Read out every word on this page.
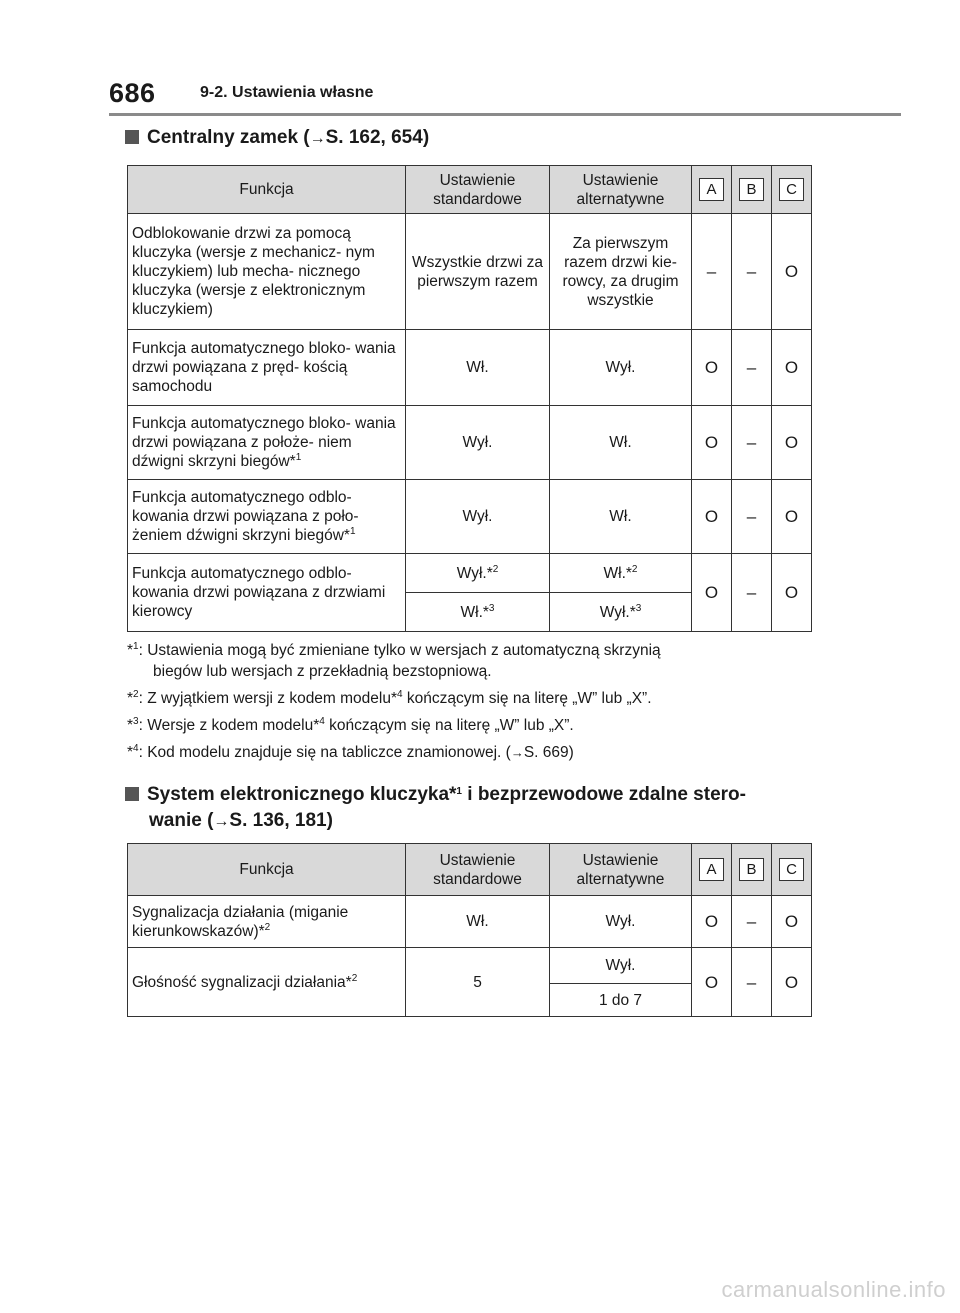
686	9-2. Ustawienia własne
Centralny zamek (→S. 162, 654)
Funkcja	Ustawienie standardowe	Ustawienie alternatywne	A	B	C
Odblokowanie drzwi za pomocą kluczyka (wersje z mechanicz- nym kluczykiem) lub mecha- nicznego kluczyka (wersje z elektronicznym kluczykiem)	Wszystkie drzwi za pierwszym razem	Za pierwszym razem drzwi kie- rowcy, za drugim wszystkie	–	–	O
Funkcja automatycznego bloko- wania drzwi powiązana z pręd- kością samochodu	Wł.	Wył.	O	–	O
Funkcja automatycznego bloko- wania drzwi powiązana z położe- niem dźwigni skrzyni biegów*$^1$	Wył.	Wł.	O	–	O
Funkcja automatycznego odblo- kowania drzwi powiązana z poło- żeniem dźwigni skrzyni biegów*$^1$	Wył.	Wł.	O	–	O
Funkcja automatycznego odblo- kowania drzwi powiązana z drzwiami kierowcy	Wył.*$^2$	Wł.*$^2$	O	–	O
	Wł.*$^3$	Wył.*$^3$
*$^1$: Ustawienia mogą być zmieniane tylko w wersjach z automatyczną skrzynią
biegów lub wersjach z przekładnią bezstopniową.
*$^2$: Z wyjątkiem wersji z kodem modelu*$^4$ kończącym się na literę „W” lub „X”.
*$^3$: Wersje z kodem modelu*$^4$ kończącym się na literę „W” lub „X”.
*$^4$: Kod modelu znajduje się na tabliczce znamionowej. (→S. 669)
System elektronicznego kluczyka*$^1$ i bezprzewodowe zdalne stero-
wanie (→S. 136, 181)
Funkcja	Ustawienie standardowe	Ustawienie alternatywne	A	B	C
Sygnalizacja działania (miganie kierunkowskazów)*$^2$	Wł.	Wył.	O	–	O
Głośność sygnalizacji działania*$^2$	5	Wył.	O	–	O
		1 do 7			
carmanualsonline.info
